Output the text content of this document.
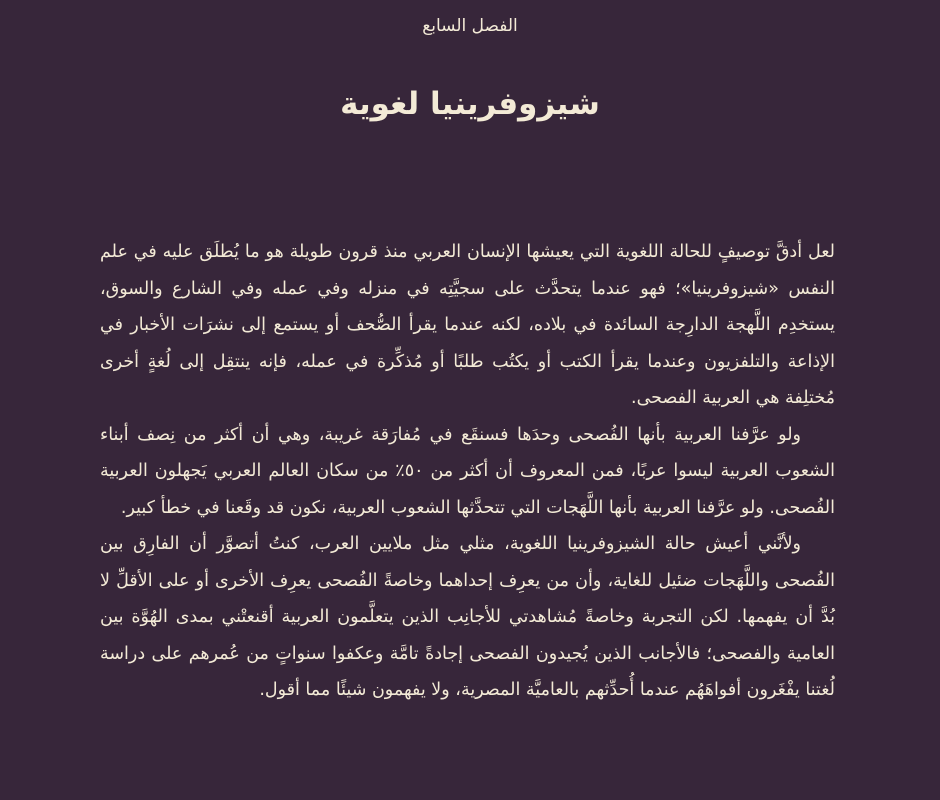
الفصل السابع
شيزوفرينيا لغوية

لعل أدقَّ توصيفٍ للحالة اللغوية التي يعيشها الإنسان العربي منذ قرون طويلة هو ما يُطلَق عليه في علم النفس «شيزوفرينيا»؛ فهو عندما يتحدَّث على سجيَّتِه في منزله وفي عمله وفي الشارع والسوق، يستخدِم اللَّهجة الدارِجة السائدة في بلاده، لكنه عندما يقرأ الصُّحف أو يستمع إلى نشرَات الأخبار في الإذاعة والتلفزيون وعندما يقرأ الكتب أو يكتُب طلبًا أو مُذكِّرة في عمله، فإنه ينتقِل إلى لُغةٍ أخرى مُختلِفة هي العربية الفصحى.

ولو عرَّفنا العربية بأنها الفُصحى وحدَها فسنقَع في مُفارَقة غريبة، وهي أن أكثر من نِصف أبناء الشعوب العربية ليسوا عربًا، فمن المعروف أن أكثر من ٥٠٪ من سكان العالم العربي يَجهلون العربية الفُصحى. ولو عرَّفنا العربية بأنها اللَّهَجات التي تتحدَّثها الشعوب العربية، نكون قد وقَعنا في خطأ كبير.

ولأنَّني أعيش حالة الشيزوفرينيا اللغوية، مثلي مثل ملايين العرب، كنتُ أتصوَّر أن الفارِق بين الفُصحى واللَّهَجات ضئيل للغاية، وأن من يعرِف إحداهما وخاصةً الفُصحى يعرِف الأخرى أو على الأقلِّ لا بُدَّ أن يفهمها. لكن التجربة وخاصةً مُشاهدتي للأجانِب الذين يتعلَّمون العربية أقنعتْني بمدى الهُوَّة بين العامية والفصحى؛ فالأجانب الذين يُجيدون الفصحى إجادةً تامَّة وعكفوا سنواتٍ من عُمرهم على دراسة لُغتنا يفْغَرون أفواهَهُم عندما أُحدِّثهم بالعاميَّة المصرية، ولا يفهمون شيئًا مما أقول.
